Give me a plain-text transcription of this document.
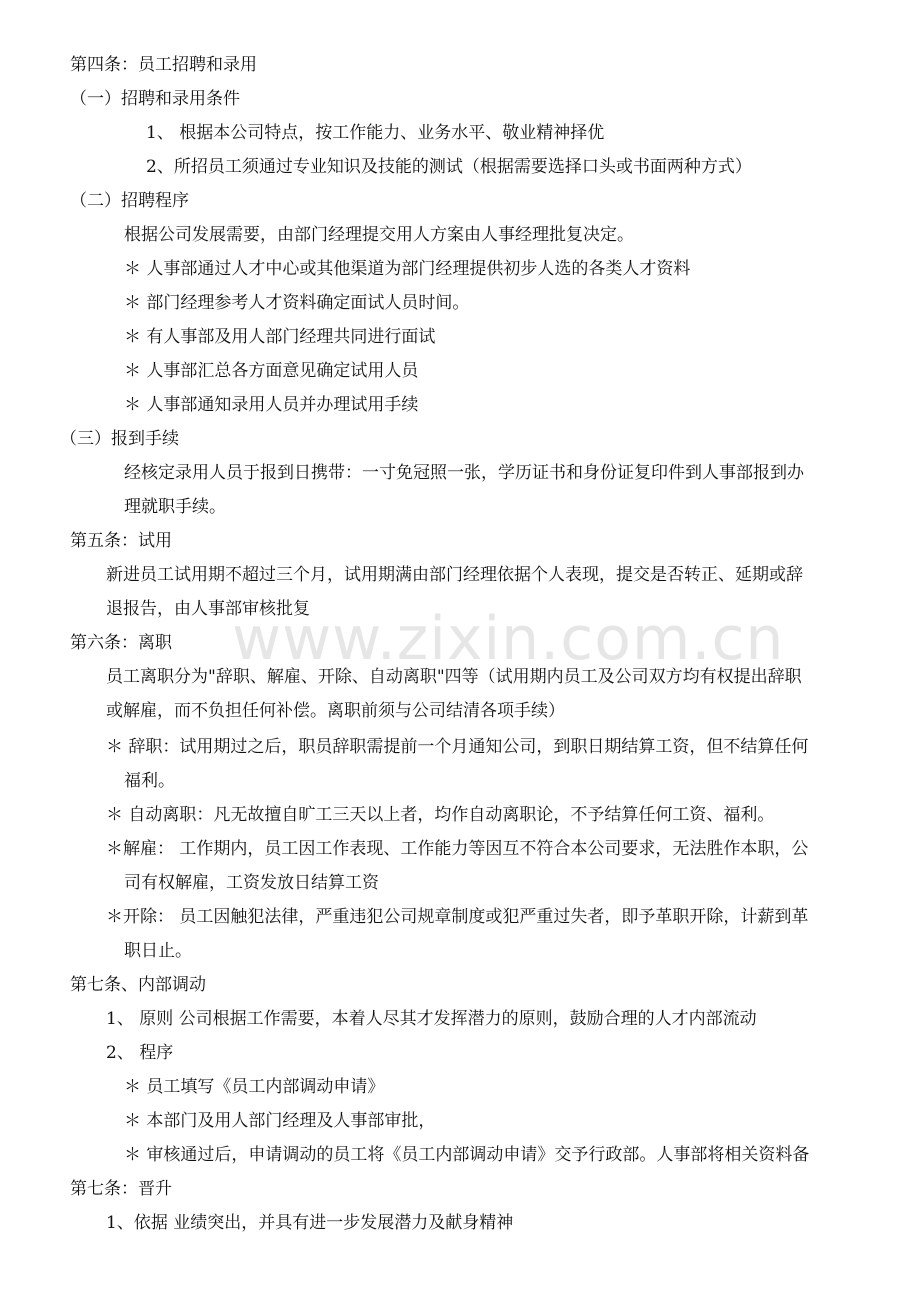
www.zixin.com.cn
第四条：员工招聘和录用
（一）招聘和录用条件
1、 根据本公司特点，按工作能力、业务水平、敬业精神择优
2、所招员工须通过专业知识及技能的测试（根据需要选择口头或书面两种方式）
（二）招聘程序
根据公司发展需要，由部门经理提交用人方案由人事经理批复决定。
＊ 人事部通过人才中心或其他渠道为部门经理提供初步人选的各类人才资料
＊ 部门经理参考人才资料确定面试人员时间。
＊ 有人事部及用人部门经理共同进行面试
＊ 人事部汇总各方面意见确定试用人员
＊ 人事部通知录用人员并办理试用手续
（三）报到手续
经核定录用人员于报到日携带：一寸免冠照一张，学历证书和身份证复印件到人事部报到办
理就职手续。
第五条：试用
新进员工试用期不超过三个月，试用期满由部门经理依据个人表现，提交是否转正、延期或辞
退报告，由人事部审核批复
第六条：离职
员工离职分为"辞职、解雇、开除、自动离职"四等（试用期内员工及公司双方均有权提出辞职
或解雇，而不负担任何补偿。离职前须与公司结清各项手续）
＊ 辞职：试用期过之后，职员辞职需提前一个月通知公司，到职日期结算工资，但不结算任何
福利。
＊ 自动离职：凡无故擅自旷工三天以上者，均作自动离职论，不予结算任何工资、福利。
＊解雇： 工作期内，员工因工作表现、工作能力等因互不符合本公司要求，无法胜作本职，公
司有权解雇，工资发放日结算工资
＊开除： 员工因触犯法律，严重违犯公司规章制度或犯严重过失者，即予革职开除，计薪到革
职日止。
第七条、内部调动
1、 原则 公司根据工作需要，本着人尽其才发挥潜力的原则，鼓励合理的人才内部流动
2、 程序
＊ 员工填写《员工内部调动申请》
＊ 本部门及用人部门经理及人事部审批，
＊ 审核通过后，申请调动的员工将《员工内部调动申请》交予行政部。人事部将相关资料备
第七条：晋升
1、依据 业绩突出，并具有进一步发展潜力及献身精神
